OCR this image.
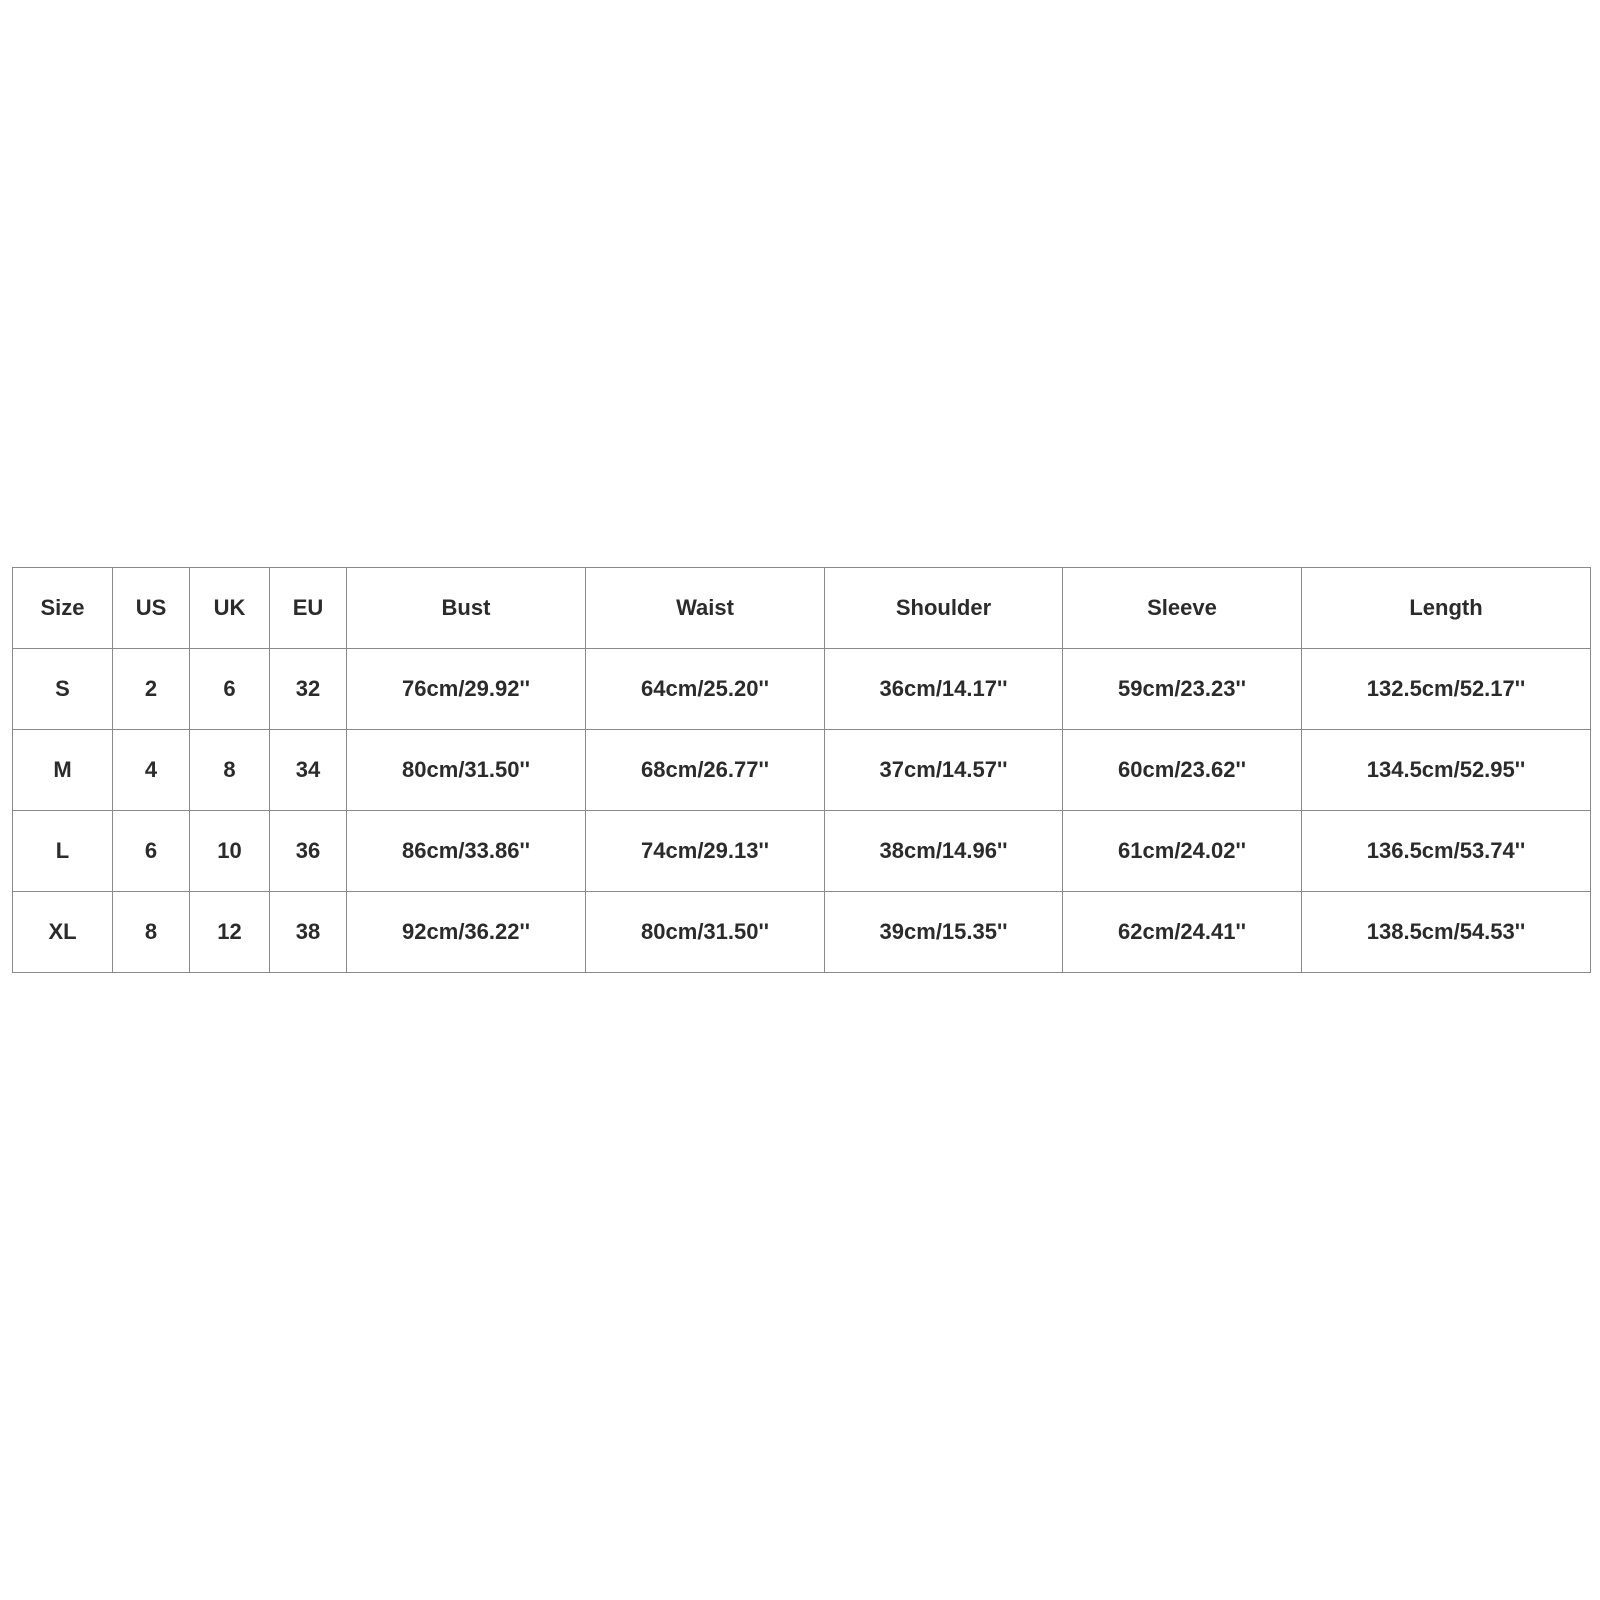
Size	US	UK	EU	Bust	Waist	Shoulder	Sleeve	Length
S	2	6	32	76cm/29.92''	64cm/25.20''	36cm/14.17''	59cm/23.23''	132.5cm/52.17''
M	4	8	34	80cm/31.50''	68cm/26.77''	37cm/14.57''	60cm/23.62''	134.5cm/52.95''
L	6	10	36	86cm/33.86''	74cm/29.13''	38cm/14.96''	61cm/24.02''	136.5cm/53.74''
XL	8	12	38	92cm/36.22''	80cm/31.50''	39cm/15.35''	62cm/24.41''	138.5cm/54.53''
